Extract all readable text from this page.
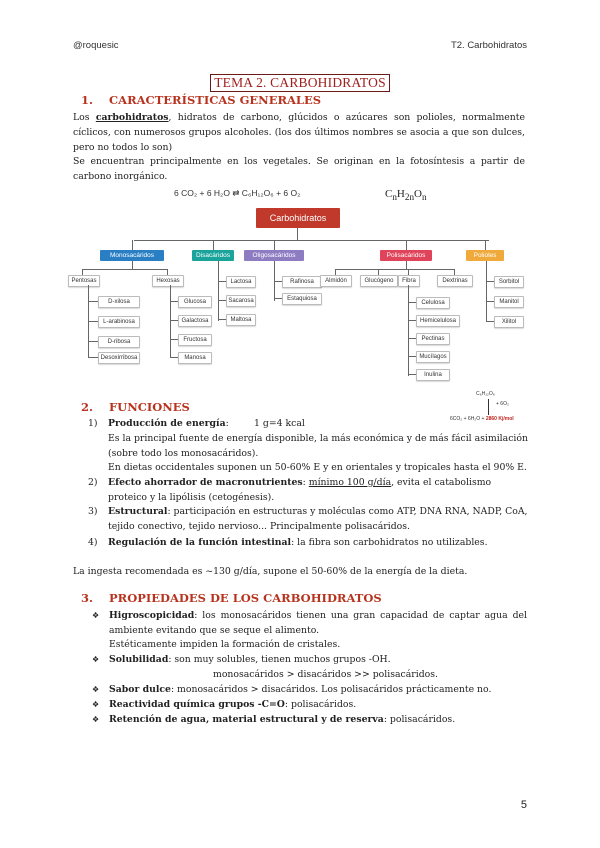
@roquesic	T2. Carbohidratos
TEMA 2. CARBOHIDRATOS
1. CARACTERÍSTICAS GENERALES
Los carbohidratos, hidratos de carbono, glúcidos o azúcares son polioles, normalmente cíclicos, con numerosos grupos alcoholes. (los dos últimos nombres se asocia a que son dulces, pero no todos lo son)
Se encuentran principalmente en los vegetales. Se originan en la fotosíntesis a partir de carbono inorgánico.
6 CO₂ + 6 H₂O ⇄ C₆H₁₂O₆ + 6 O₂	$C_nH_{2n}O_n$
Carbohidratos
Monosacáridos	Disacáridos	Oligosacáridos	Polisacáridos	Polioles
Pentosas	Hexosas
D-xilosa
L-arabinosa
D-ribosa
Desoxirribosa
Glucosa
Galactosa
Fructosa
Manosa
Lactosa
Sacarosa
Maltosa
Rafinosa
Estaquiosa
Almidón	Glucógeno	Fibra	Dextrinas
Celulosa
Hemicelulosa
Pectinas
Mucílagos
Inulina
Sorbitol
Manitol
Xilitol
2. FUNCIONES
C₆H₁₂O₆
+ 6O₂
6CO₂ + 6H₂O + 2860 Kj/mol
1) Producción de energía:	1 g=4 kcal
Es la principal fuente de energía disponible, la más económica y de más fácil asimilación (sobre todo los monosacáridos).
En dietas occidentales suponen un 50-60% E y en orientales y tropicales hasta el 90% E.
2) Efecto ahorrador de macronutrientes: mínimo 100 g/día, evita el catabolismo proteico y la lipólisis (cetogénesis).
3) Estructural: participación en estructuras y moléculas como ATP, DNA RNA, NADP, CoA, tejido conectivo, tejido nervioso... Principalmente polisacáridos.
4) Regulación de la función intestinal: la fibra son carbohidratos no utilizables.
La ingesta recomendada es ~130 g/día, supone el 50-60% de la energía de la dieta.
3. PROPIEDADES DE LOS CARBOHIDRATOS
❖ Higroscopicidad: los monosacáridos tienen una gran capacidad de captar agua del ambiente evitando que se seque el alimento.
Estéticamente impiden la formación de cristales.
❖ Solubilidad: son muy solubles, tienen muchos grupos -OH.
monosacáridos > disacáridos >> polisacáridos.
❖ Sabor dulce: monosacáridos > disacáridos. Los polisacáridos prácticamente no.
❖ Reactividad química grupos -C=O: polisacáridos.
❖ Retención de agua, material estructural y de reserva: polisacáridos.
5
